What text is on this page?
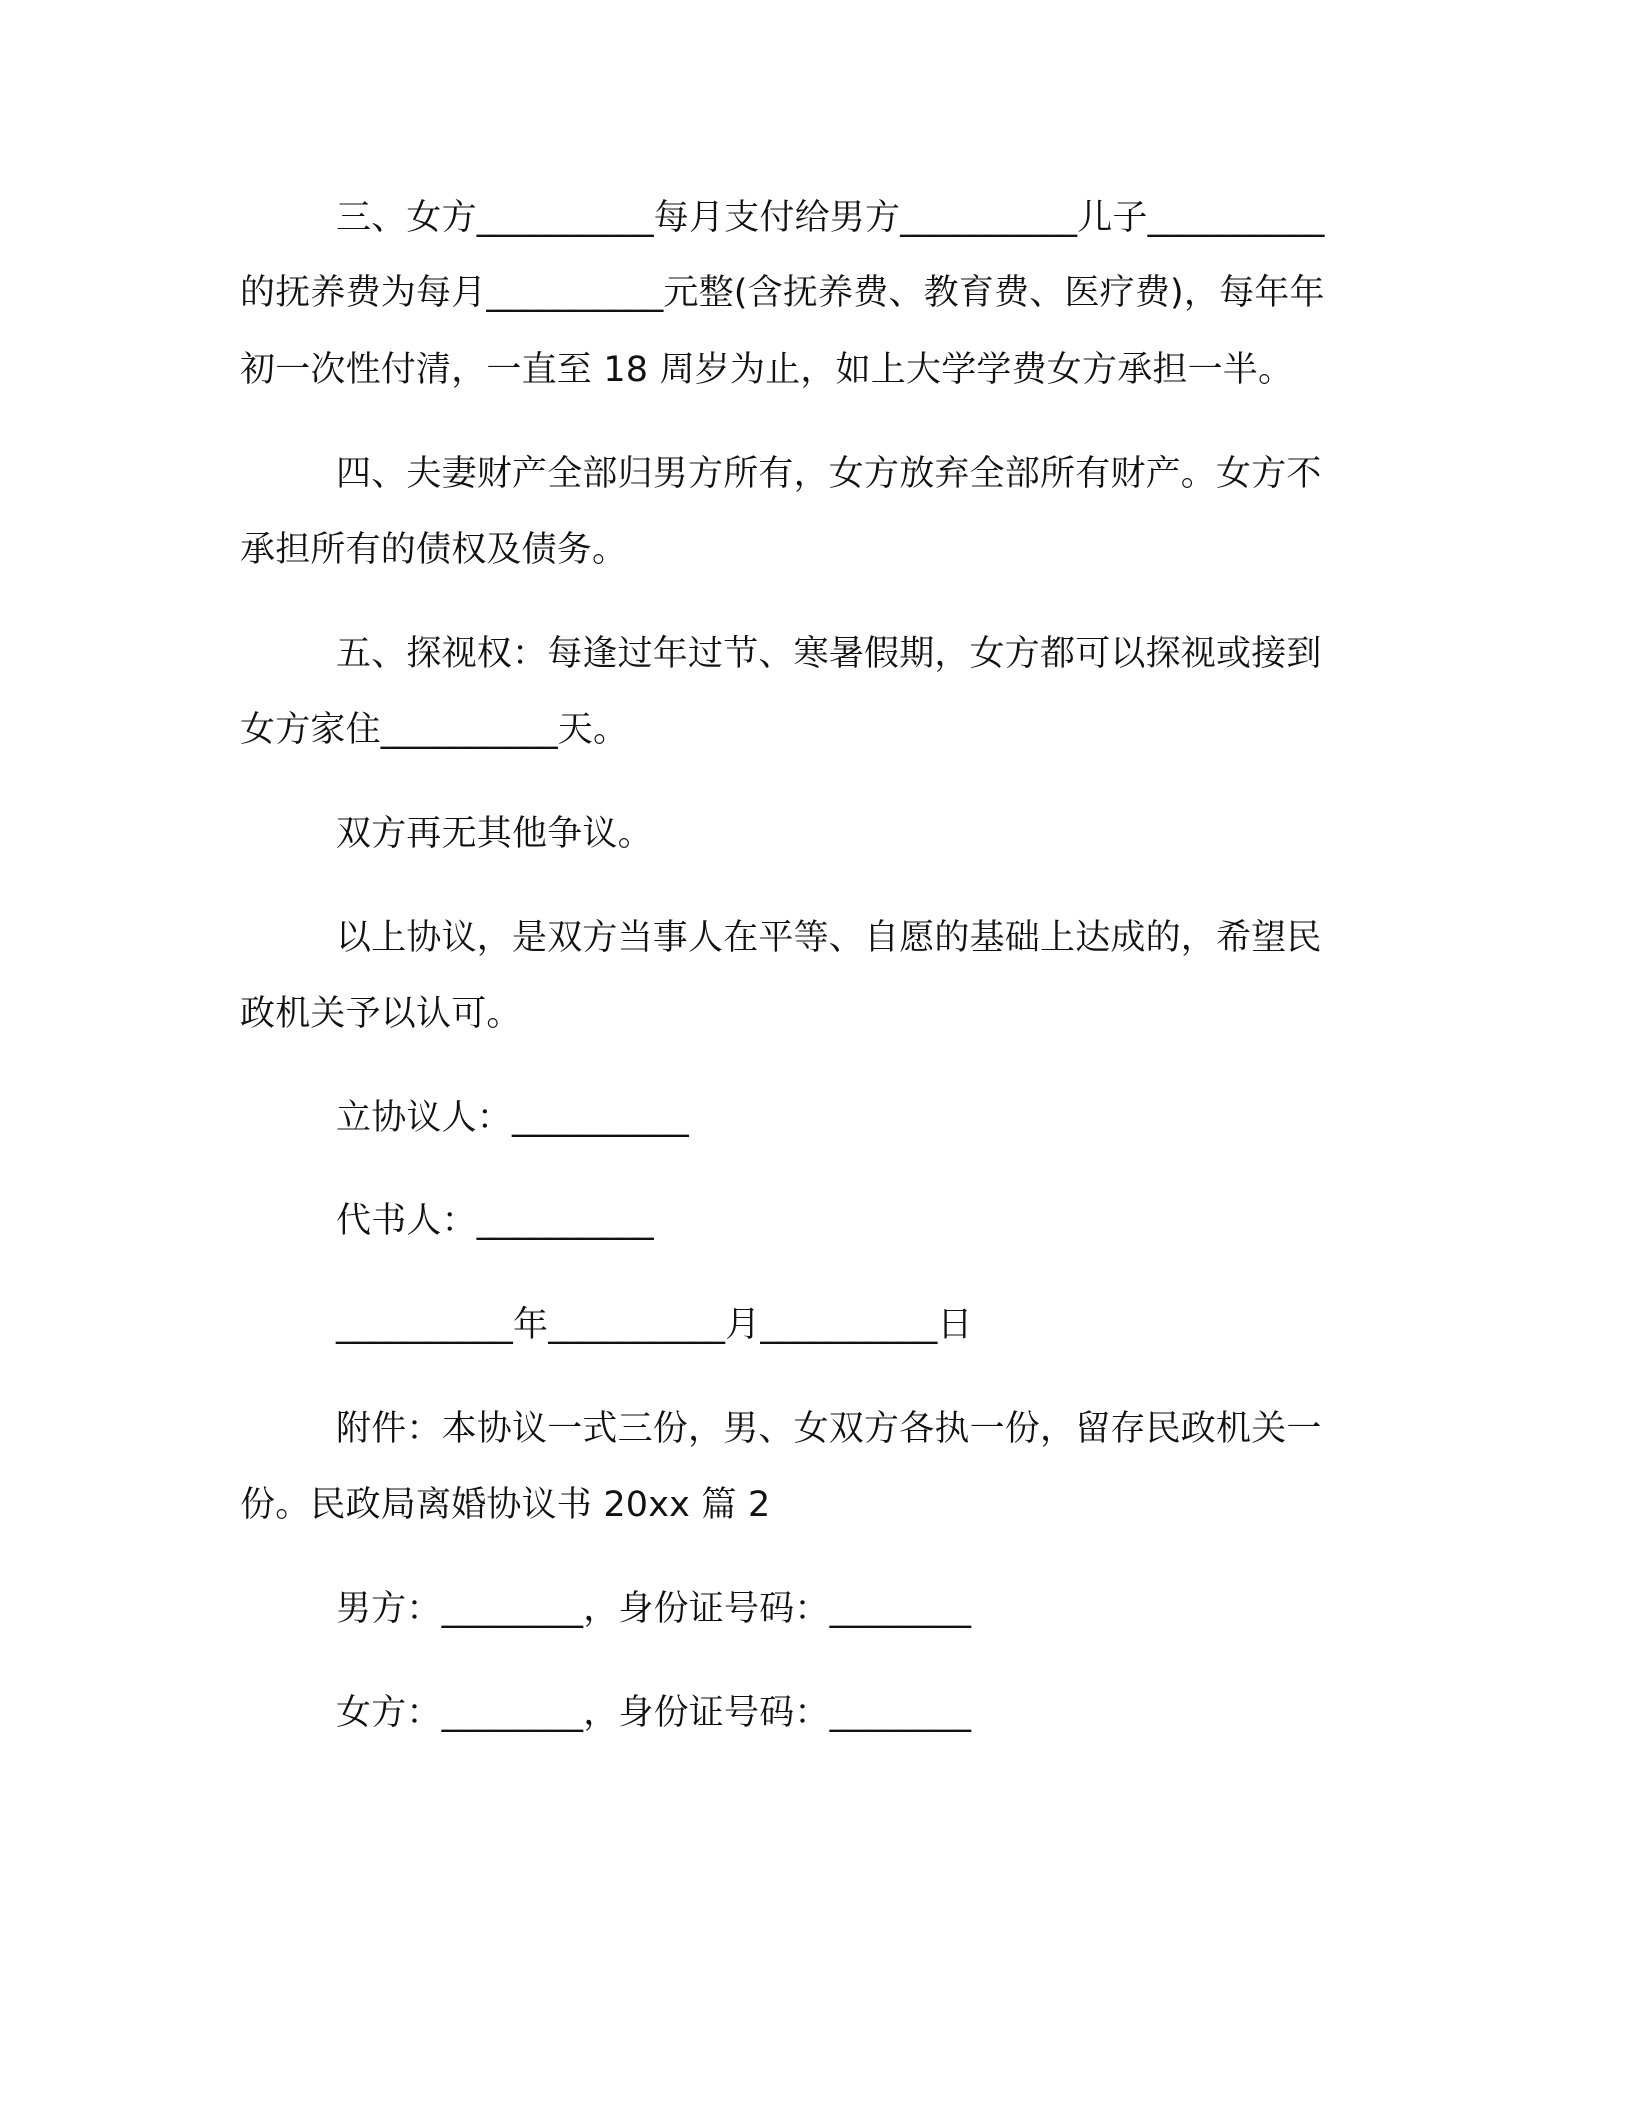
三、女方__________每月支付给男方__________儿子__________
的抚养费为每月__________元整(含抚养费、教育费、医疗费)，每年年
初一次性付清，一直至 18 周岁为止，如上大学学费女方承担一半。
四、夫妻财产全部归男方所有，女方放弃全部所有财产。女方不
承担所有的债权及债务。
五、探视权：每逢过年过节、寒暑假期，女方都可以探视或接到
女方家住__________天。
双方再无其他争议。
以上协议，是双方当事人在平等、自愿的基础上达成的，希望民
政机关予以认可。
立协议人：__________
代书人：__________
__________年__________月__________日
附件：本协议一式三份，男、女双方各执一份，留存民政机关一
份。民政局离婚协议书 20xx 篇 2
男方：________，身份证号码：________
女方：________，身份证号码：________
